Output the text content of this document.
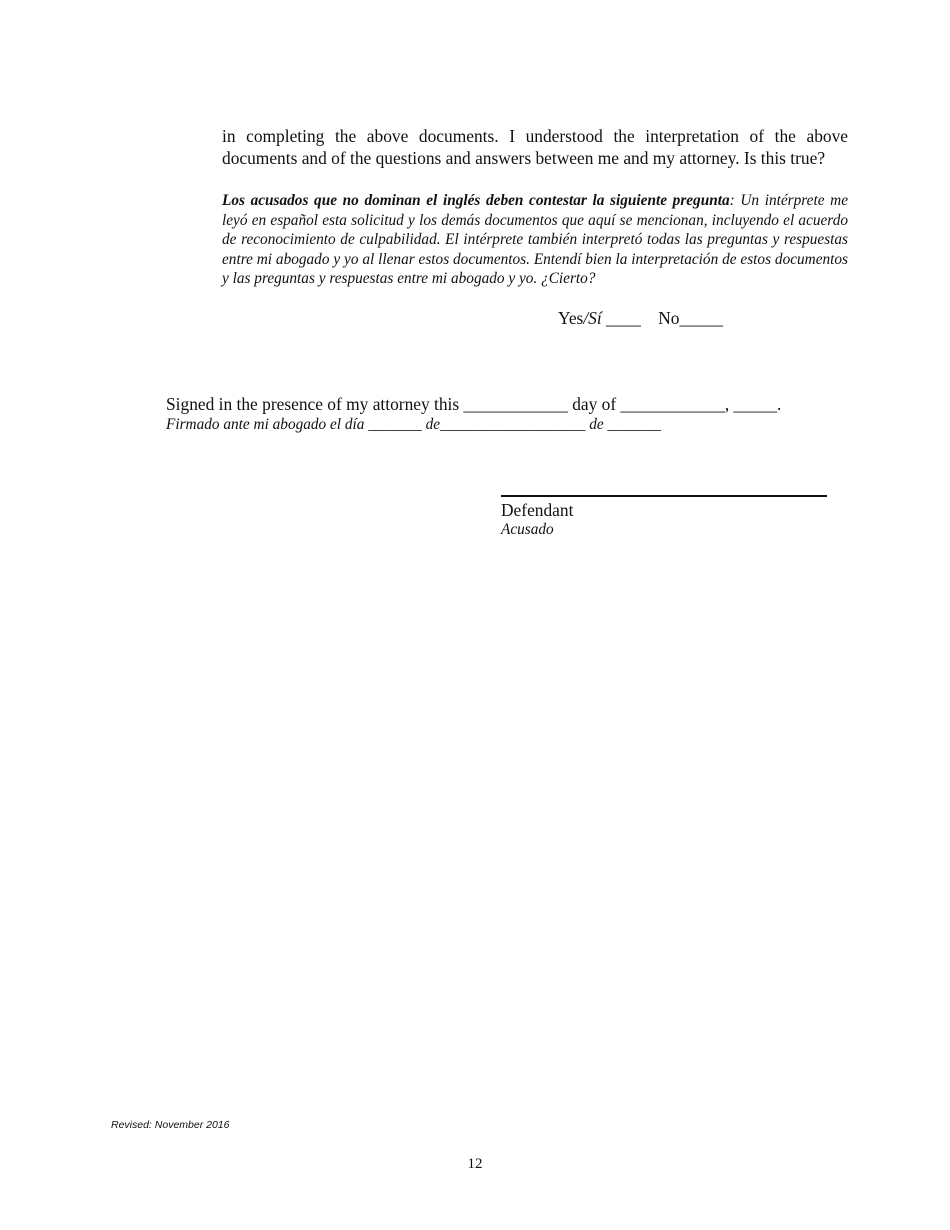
in completing the above documents. I understood the interpretation of the above documents and of the questions and answers between me and my attorney. Is this true?
Los acusados que no dominan el inglés deben contestar la siguiente pregunta: Un intérprete me leyó en español esta solicitud y los demás documentos que aquí se mencionan, incluyendo el acuerdo de reconocimiento de culpabilidad. El intérprete también interpretó todas las preguntas y respuestas entre mi abogado y yo al llenar estos documentos. Entendí bien la interpretación de estos documentos y las preguntas y respuestas entre mi abogado y yo. ¿Cierto?
Yes/Sí ____ No_____
Signed in the presence of my attorney this ____________ day of ____________, _____.
Firmado ante mi abogado el día _______ de___________________ de _______
Defendant
Acusado
Revised: November 2016
12
